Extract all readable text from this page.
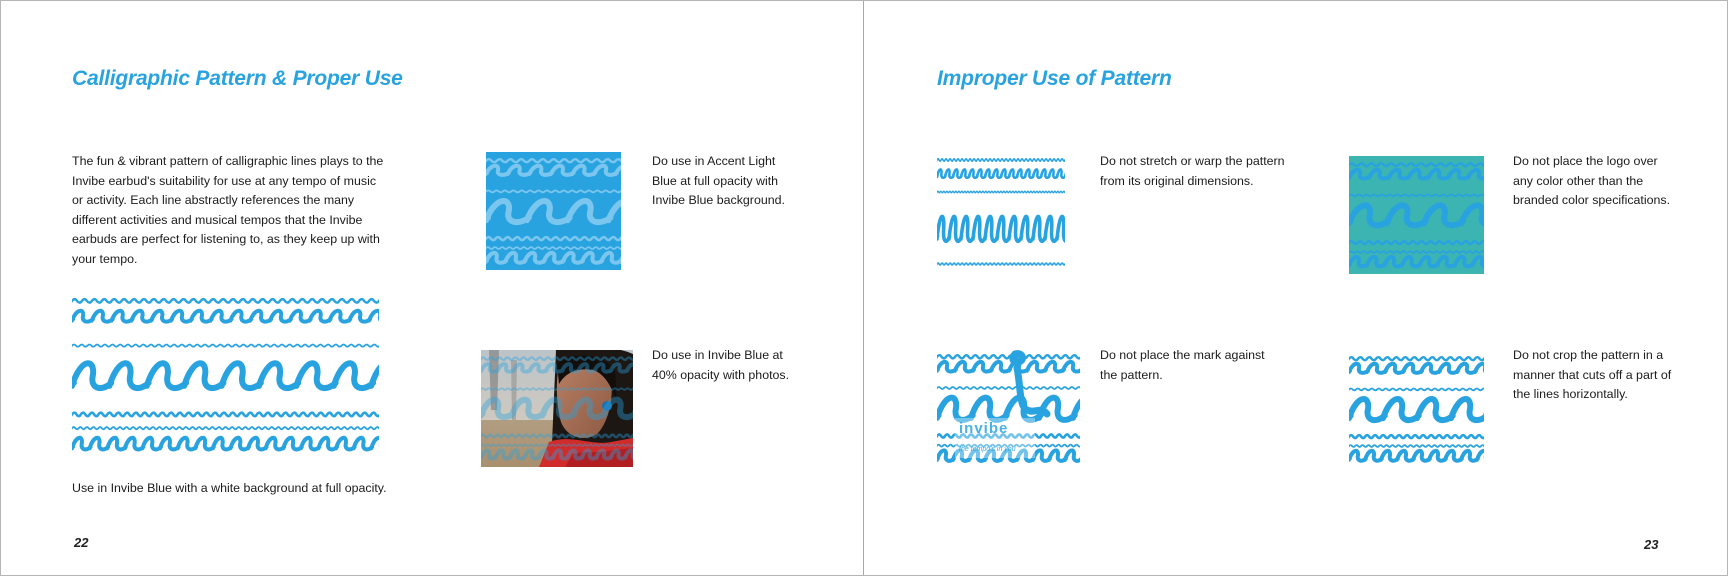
Calligraphic Pattern & Proper Use

The fun & vibrant pattern of calligraphic lines plays to the Invibe earbud's suitability for use at any tempo of music or activity. Each line abstractly references the many different activities and musical tempos that the Invibe earbuds are perfect for listening to, as they keep up with your tempo.

Use in Invibe Blue with a white background at full opacity.

Do use in Accent Light Blue at full opacity with Invibe Blue background.

Do use in Invibe Blue at 40% opacity with photos.

22
Improper Use of Pattern

Do not stretch or warp the pattern from its original dimensions.

Do not place the logo over any color other than the branded color specifications.

invibe
the tempo's in you

Do not place the mark against the pattern.

Do not crop the pattern in a manner that cuts off a part of the lines horizontally.

23
